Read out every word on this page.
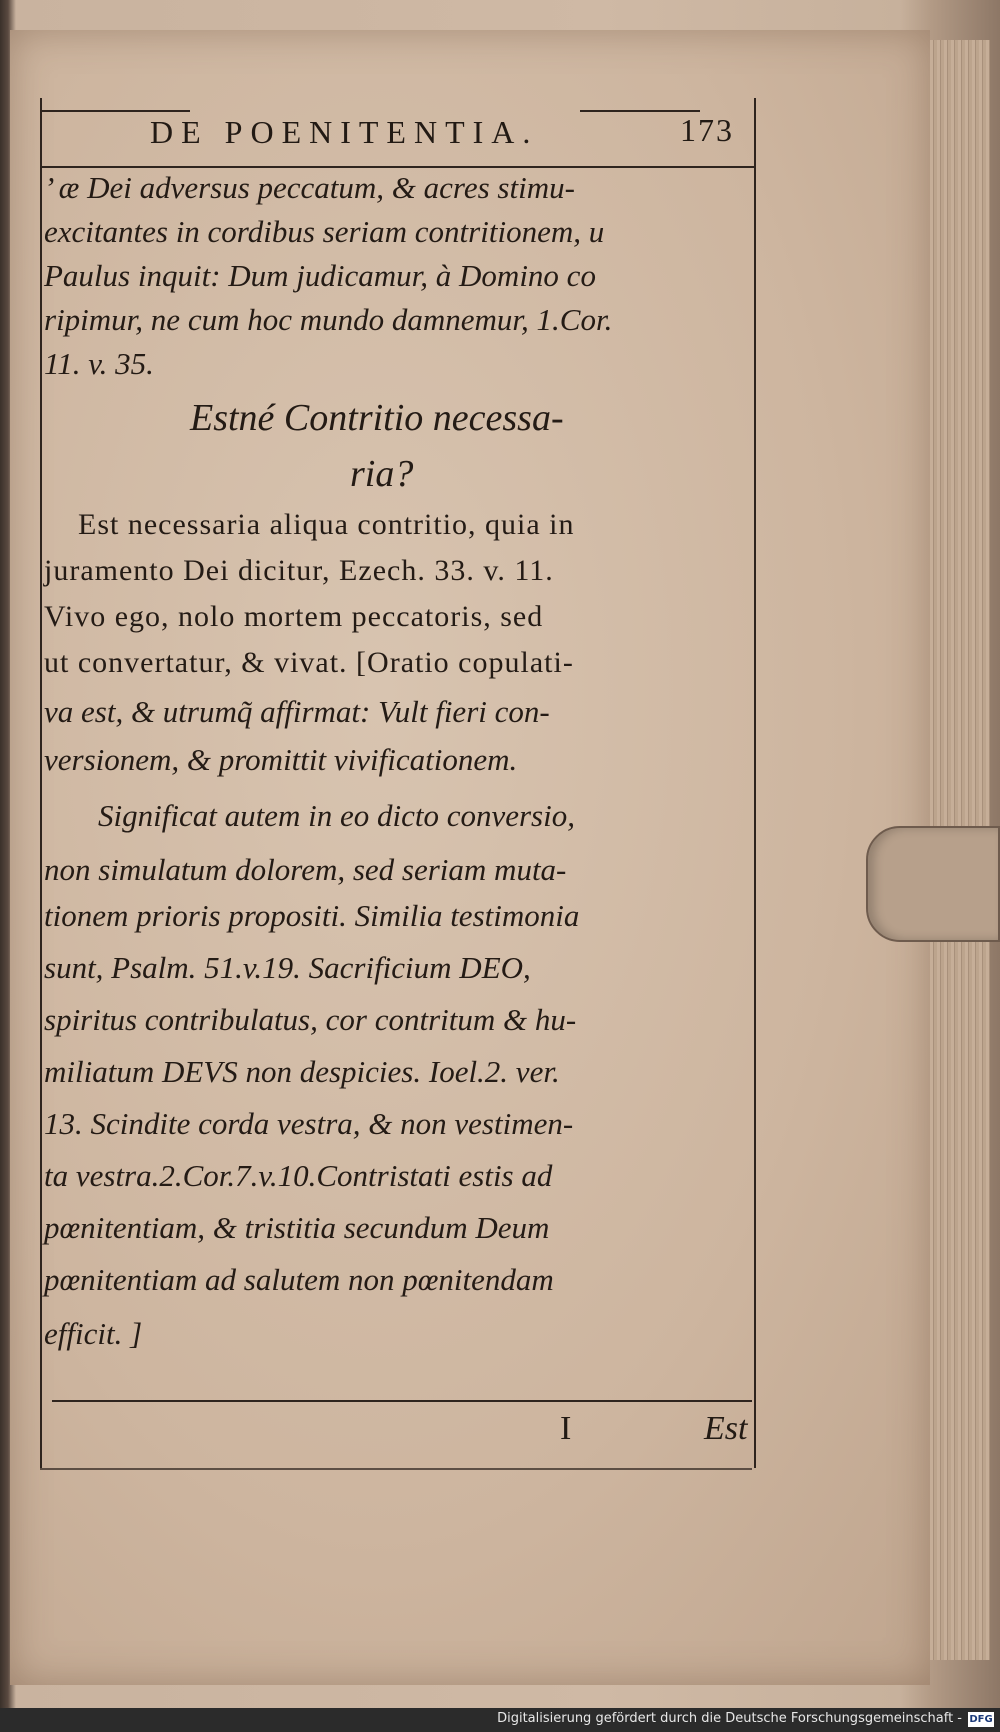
DE POENITENTIA.	173
’ æ Dei adversus peccatum, & acres stimu-
excitantes in cordibus seriam contritionem, u
Paulus inquit: Dum judicamur, à Domino co
ripimur, ne cum hoc mundo damnemur, 1.Cor.
11. v. 35.
Estné Contritio necessa-
ria?
Est necessaria aliqua contritio, quia in
juramento Dei dicitur, Ezech. 33. v. 11.
Vivo ego, nolo mortem peccatoris, sed
ut convertatur, & vivat. [Oratio copulati-
va est, & utrumq̃ affirmat: Vult fieri con-
versionem, & promittit vivificationem.
Significat autem in eo dicto conversio,
non simulatum dolorem, sed seriam muta-
tionem prioris propositi. Similia testimonia
sunt, Psalm. 51.v.19. Sacrificium DEO,
spiritus contribulatus, cor contritum & hu-
miliatum DEVS non despicies. Ioel.2. ver.
13. Scindite corda vestra, & non vestimen-
ta vestra.2.Cor.7.v.10.Contristati estis ad
pœnitentiam, & tristitia secundum Deum
pœnitentiam ad salutem non pœnitendam
efficit. ]
I	Est
Digitalisierung gefördert durch die Deutsche Forschungsgemeinschaft - DFG
